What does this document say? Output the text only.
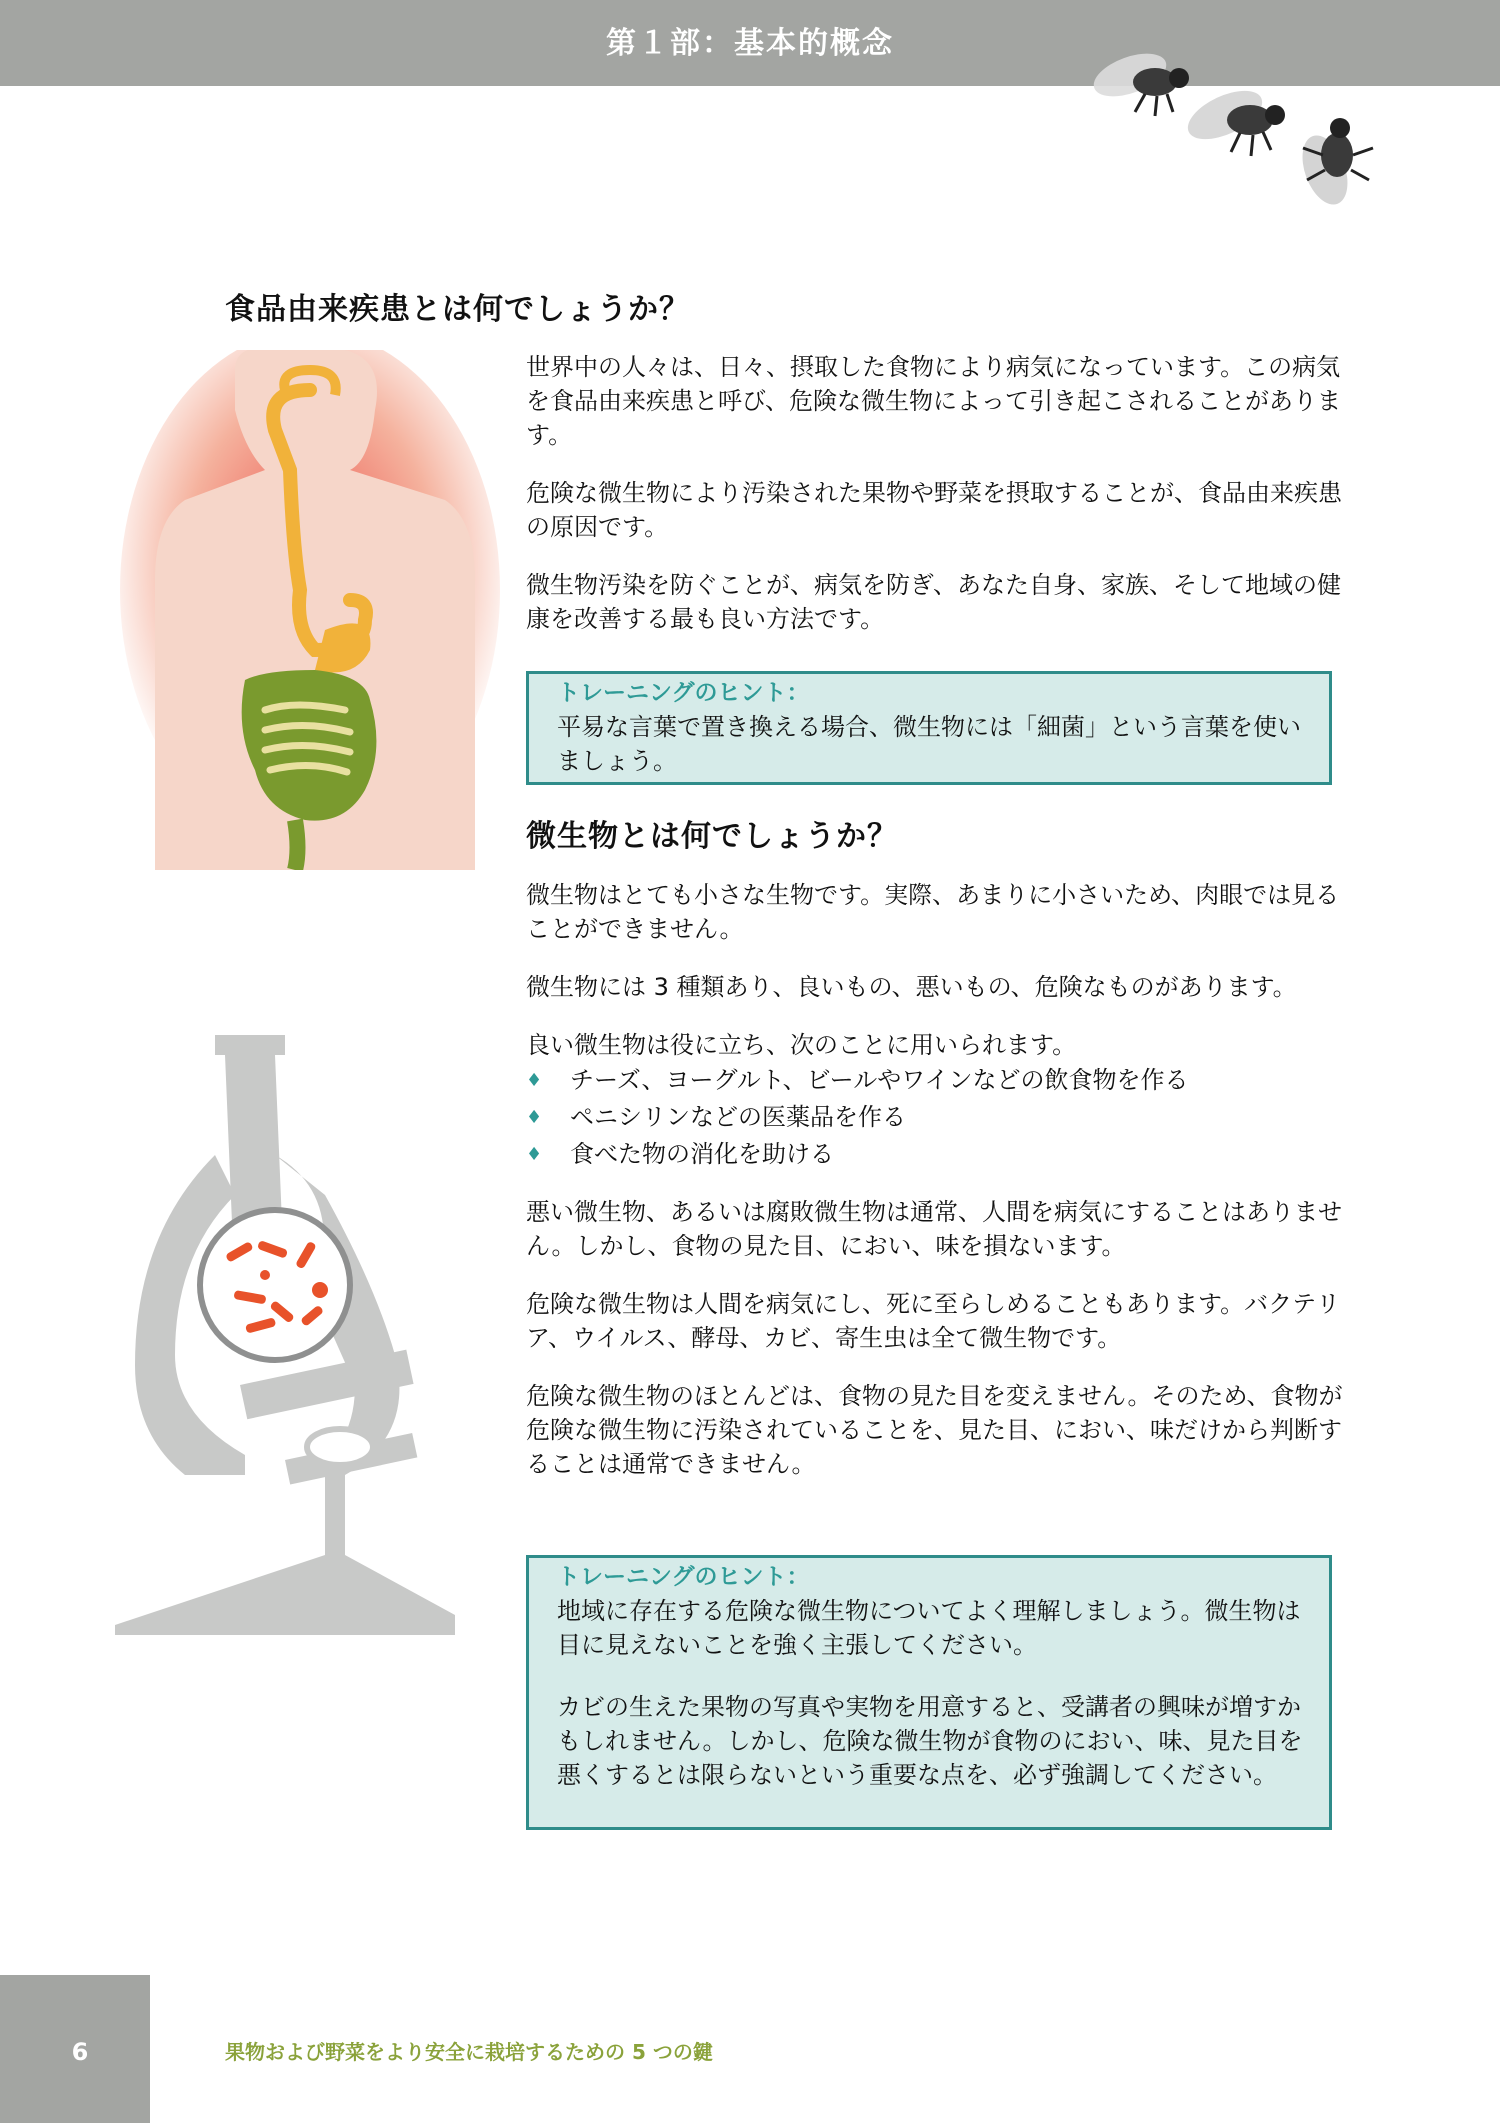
第１部：基本的概念
食品由来疾患とは何でしょうか？

世界中の人々は、日々、摂取した食物により病気になっています。この病気を食品由来疾患と呼び、危険な微生物によって引き起こされることがあります。

危険な微生物により汚染された果物や野菜を摂取することが、食品由来疾患の原因です。

微生物汚染を防ぐことが、病気を防ぎ、あなた自身、家族、そして地域の健康を改善する最も良い方法です。

トレーニングのヒント：

平易な言葉で置き換える場合、微生物には「細菌」という言葉を使いましょう。

微生物とは何でしょうか？

微生物はとても小さな生物です。実際、あまりに小さいため、肉眼では見ることができません。

微生物には 3 種類あり、良いもの、悪いもの、危険なものがあります。

良い微生物は役に立ち、次のことに用いられます。

♦ チーズ、ヨーグルト、ビールやワインなどの飲食物を作る
♦ ペニシリンなどの医薬品を作る
♦ 食べた物の消化を助ける

悪い微生物、あるいは腐敗微生物は通常、人間を病気にすることはありません。しかし、食物の見た目、におい、味を損ないます。

危険な微生物は人間を病気にし、死に至らしめることもあります。バクテリア、ウイルス、酵母、カビ、寄生虫は全て微生物です。

危険な微生物のほとんどは、食物の見た目を変えません。そのため、食物が危険な微生物に汚染されていることを、見た目、におい、味だけから判断することは通常できません。

トレーニングのヒント：

地域に存在する危険な微生物についてよく理解しましょう。微生物は目に見えないことを強く主張してください。

カビの生えた果物の写真や実物を用意すると、受講者の興味が増すかもしれません。しかし、危険な微生物が食物のにおい、味、見た目を悪くするとは限らないという重要な点を、必ず強調してください。

6	果物および野菜をより安全に栽培するための 5 つの鍵
